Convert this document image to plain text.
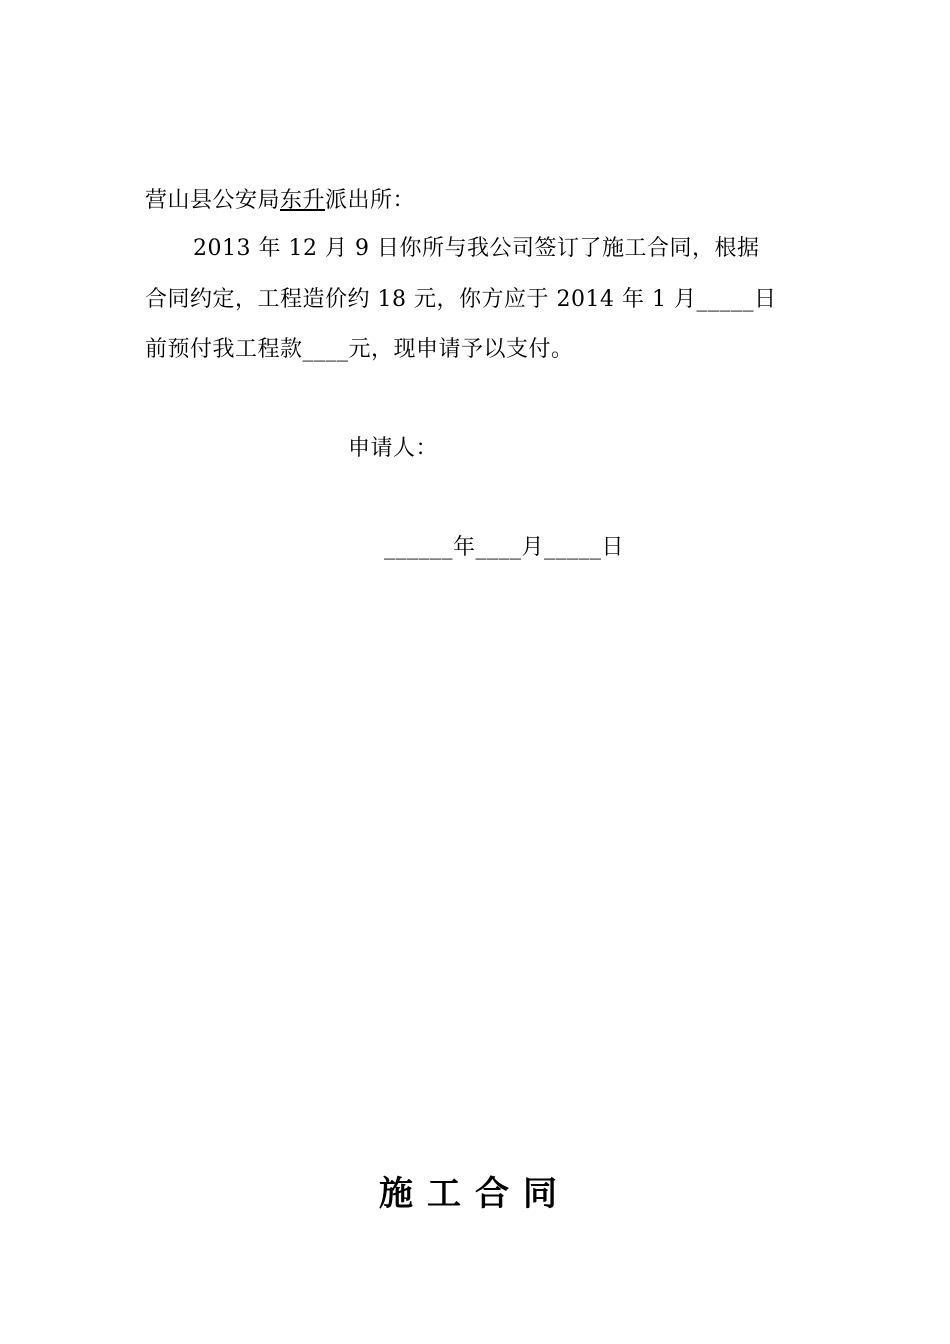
营山县公安局东升派出所：
2013 年 12 月 9 日你所与我公司签订了施工合同，根据
合同约定，工程造价约 18 元，你方应于 2014 年 1 月_____日
前预付我工程款____元，现申请予以支付。
申请人：
______年____月_____日
施工合同
